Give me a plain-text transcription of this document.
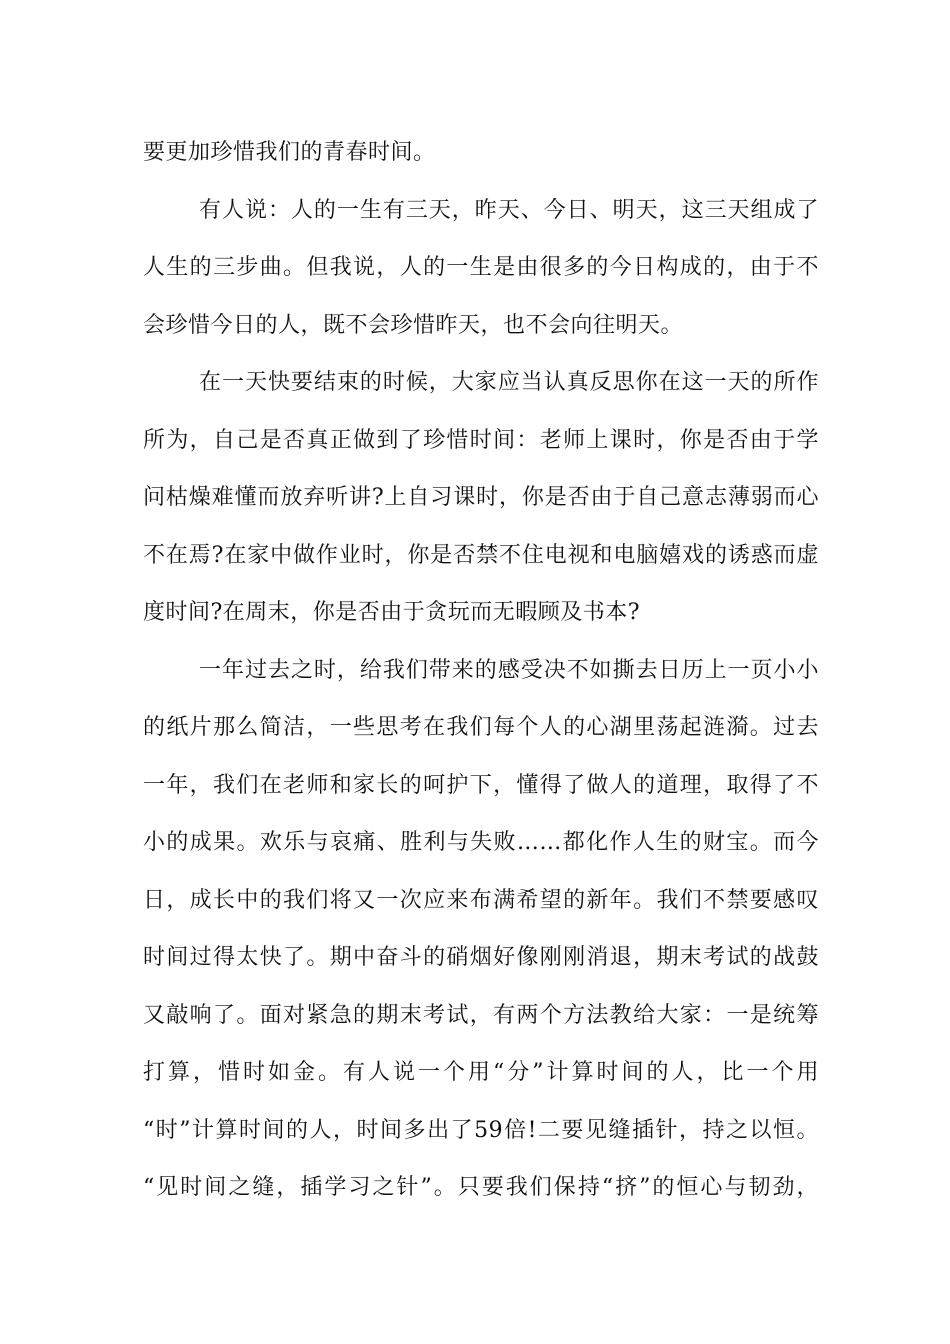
要更加珍惜我们的青春时间。
有人说：人的一生有三天，昨天、今日、明天，这三天组成了
人生的三步曲。但我说，人的一生是由很多的今日构成的，由于不
会珍惜今日的人，既不会珍惜昨天，也不会向往明天。
在一天快要结束的时候，大家应当认真反思你在这一天的所作
所为，自己是否真正做到了珍惜时间：老师上课时，你是否由于学
问枯燥难懂而放弃听讲?上自习课时，你是否由于自己意志薄弱而心
不在焉?在家中做作业时，你是否禁不住电视和电脑嬉戏的诱惑而虚
度时间?在周末，你是否由于贪玩而无暇顾及书本?
一年过去之时，给我们带来的感受决不如撕去日历上一页小小
的纸片那么简洁，一些思考在我们每个人的心湖里荡起涟漪。过去
一年，我们在老师和家长的呵护下，懂得了做人的道理，取得了不
小的成果。欢乐与哀痛、胜利与失败……都化作人生的财宝。而今
日，成长中的我们将又一次应来布满希望的新年。我们不禁要感叹
时间过得太快了。期中奋斗的硝烟好像刚刚消退，期末考试的战鼓
又敲响了。面对紧急的期末考试，有两个方法教给大家：一是统筹
打算，惜时如金。有人说一个用“分”计算时间的人，比一个用
“时”计算时间的人，时间多出了59倍!二要见缝插针，持之以恒。
“见时间之缝，插学习之针”。只要我们保持“挤”的恒心与韧劲，
